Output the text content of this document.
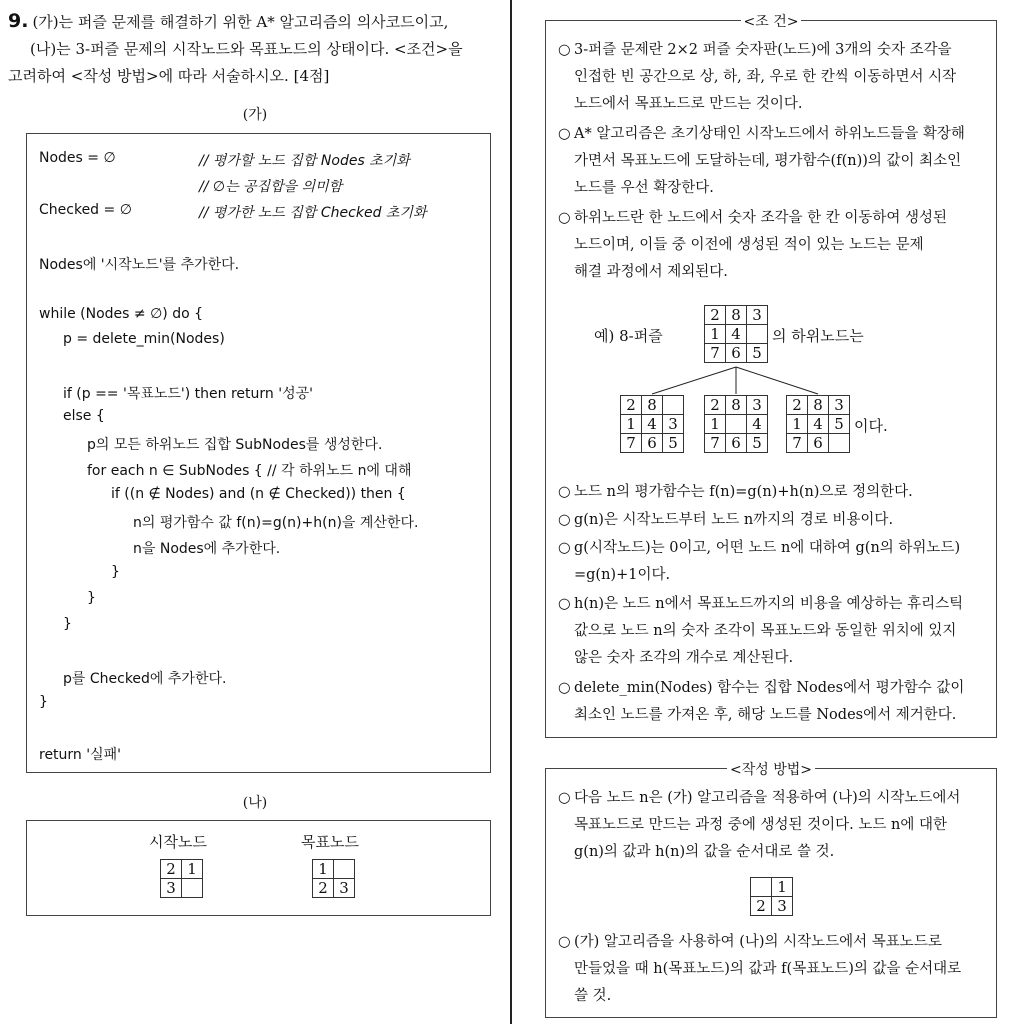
9. (가)는 퍼즐 문제를 해결하기 위한 A* 알고리즘의 의사코드이고,
(나)는 3-퍼즐 문제의 시작노드와 목표노드의 상태이다. <조건>을
고려하여 <작성 방법>에 따라 서술하시오. [4점]
(가)
Nodes = ∅	// 평가할 노드 집합 Nodes 초기화
// ∅는 공집합을 의미함
Checked = ∅	// 평가한 노드 집합 Checked 초기화
Nodes에 '시작노드'를 추가한다.
while (Nodes ≠ ∅) do {
p = delete_min(Nodes)
if (p == '목표노드') then return '성공'
else {
p의 모든 하위노드 집합 SubNodes를 생성한다.
for each n ∈ SubNodes { // 각 하위노드 n에 대해
if ((n ∉ Nodes) and (n ∉ Checked)) then {
n의 평가함수 값 f(n)=g(n)+h(n)을 계산한다.
n을 Nodes에 추가한다.
}
}
}
p를 Checked에 추가한다.
}
return '실패'
(나)
시작노드	목표노드
2	1
3	
1	
2	3
<조 건>
○ 3-퍼즐 문제란 2×2 퍼즐 숫자판(노드)에 3개의 숫자 조각을
인접한 빈 공간으로 상, 하, 좌, 우로 한 칸씩 이동하면서 시작
노드에서 목표노드로 만드는 것이다.
○ A* 알고리즘은 초기상태인 시작노드에서 하위노드들을 확장해
가면서 목표노드에 도달하는데, 평가함수(f(n))의 값이 최소인
노드를 우선 확장한다.
○ 하위노드란 한 노드에서 숫자 조각을 한 칸 이동하여 생성된
노드이며, 이들 중 이전에 생성된 적이 있는 노드는 문제
해결 과정에서 제외된다.
예) 8-퍼즐
2	8	3
1	4	
7	6	5
의 하위노드는
2	8	
1	4	3
7	6	5
2	8	3
1		4
7	6	5
2	8	3
1	4	5
7	6	
이다.
○ 노드 n의 평가함수는 f(n)=g(n)+h(n)으로 정의한다.
○ g(n)은 시작노드부터 노드 n까지의 경로 비용이다.
○ g(시작노드)는 0이고, 어떤 노드 n에 대하여 g(n의 하위노드)
=g(n)+1이다.
○ h(n)은 노드 n에서 목표노드까지의 비용을 예상하는 휴리스틱
값으로 노드 n의 숫자 조각이 목표노드와 동일한 위치에 있지
않은 숫자 조각의 개수로 계산된다.
○ delete_min(Nodes) 함수는 집합 Nodes에서 평가함수 값이
최소인 노드를 가져온 후, 해당 노드를 Nodes에서 제거한다.
<작성 방법>
○ 다음 노드 n은 (가) 알고리즘을 적용하여 (나)의 시작노드에서
목표노드로 만드는 과정 중에 생성된 것이다. 노드 n에 대한
g(n)의 값과 h(n)의 값을 순서대로 쓸 것.
	1
2	3
○ (가) 알고리즘을 사용하여 (나)의 시작노드에서 목표노드로
만들었을 때 h(목표노드)의 값과 f(목표노드)의 값을 순서대로
쓸 것.
